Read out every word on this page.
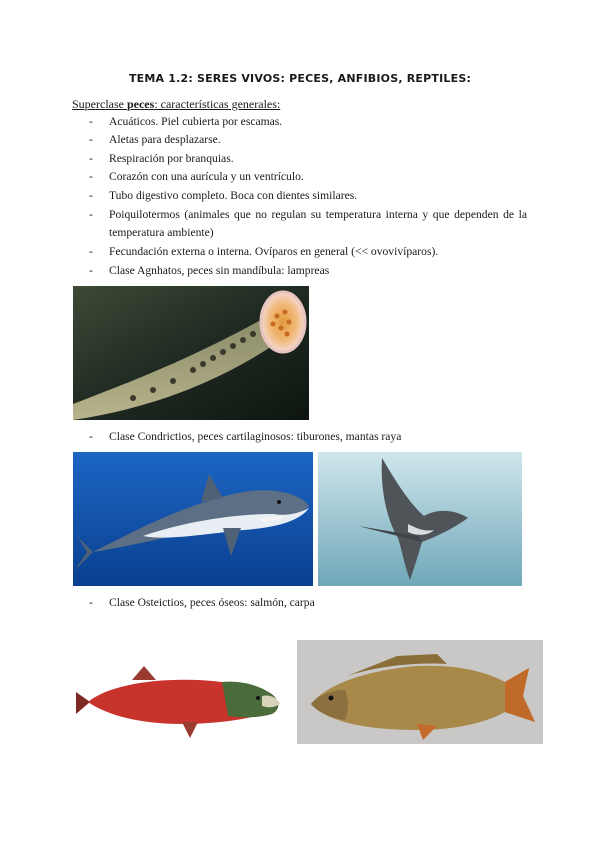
TEMA 1.2: SERES VIVOS: PECES, ANFIBIOS, REPTILES:
Superclase peces: características generales:
- Acuáticos. Piel cubierta por escamas.
- Aletas para desplazarse.
- Respiración por branquias.
- Corazón con una aurícula y un ventrículo.
- Tubo digestivo completo. Boca con dientes similares.
- Poiquilotermos (animales que no regulan su temperatura interna y que dependen de la temperatura ambiente)
- Fecundación externa o interna. Ovíparos en general (<< ovovivíparos).
- Clase Agnhatos, peces sin mandíbula: lampreas
- Clase Condrictios, peces cartilaginosos: tiburones, mantas raya
- Clase Osteictios, peces óseos: salmón, carpa
